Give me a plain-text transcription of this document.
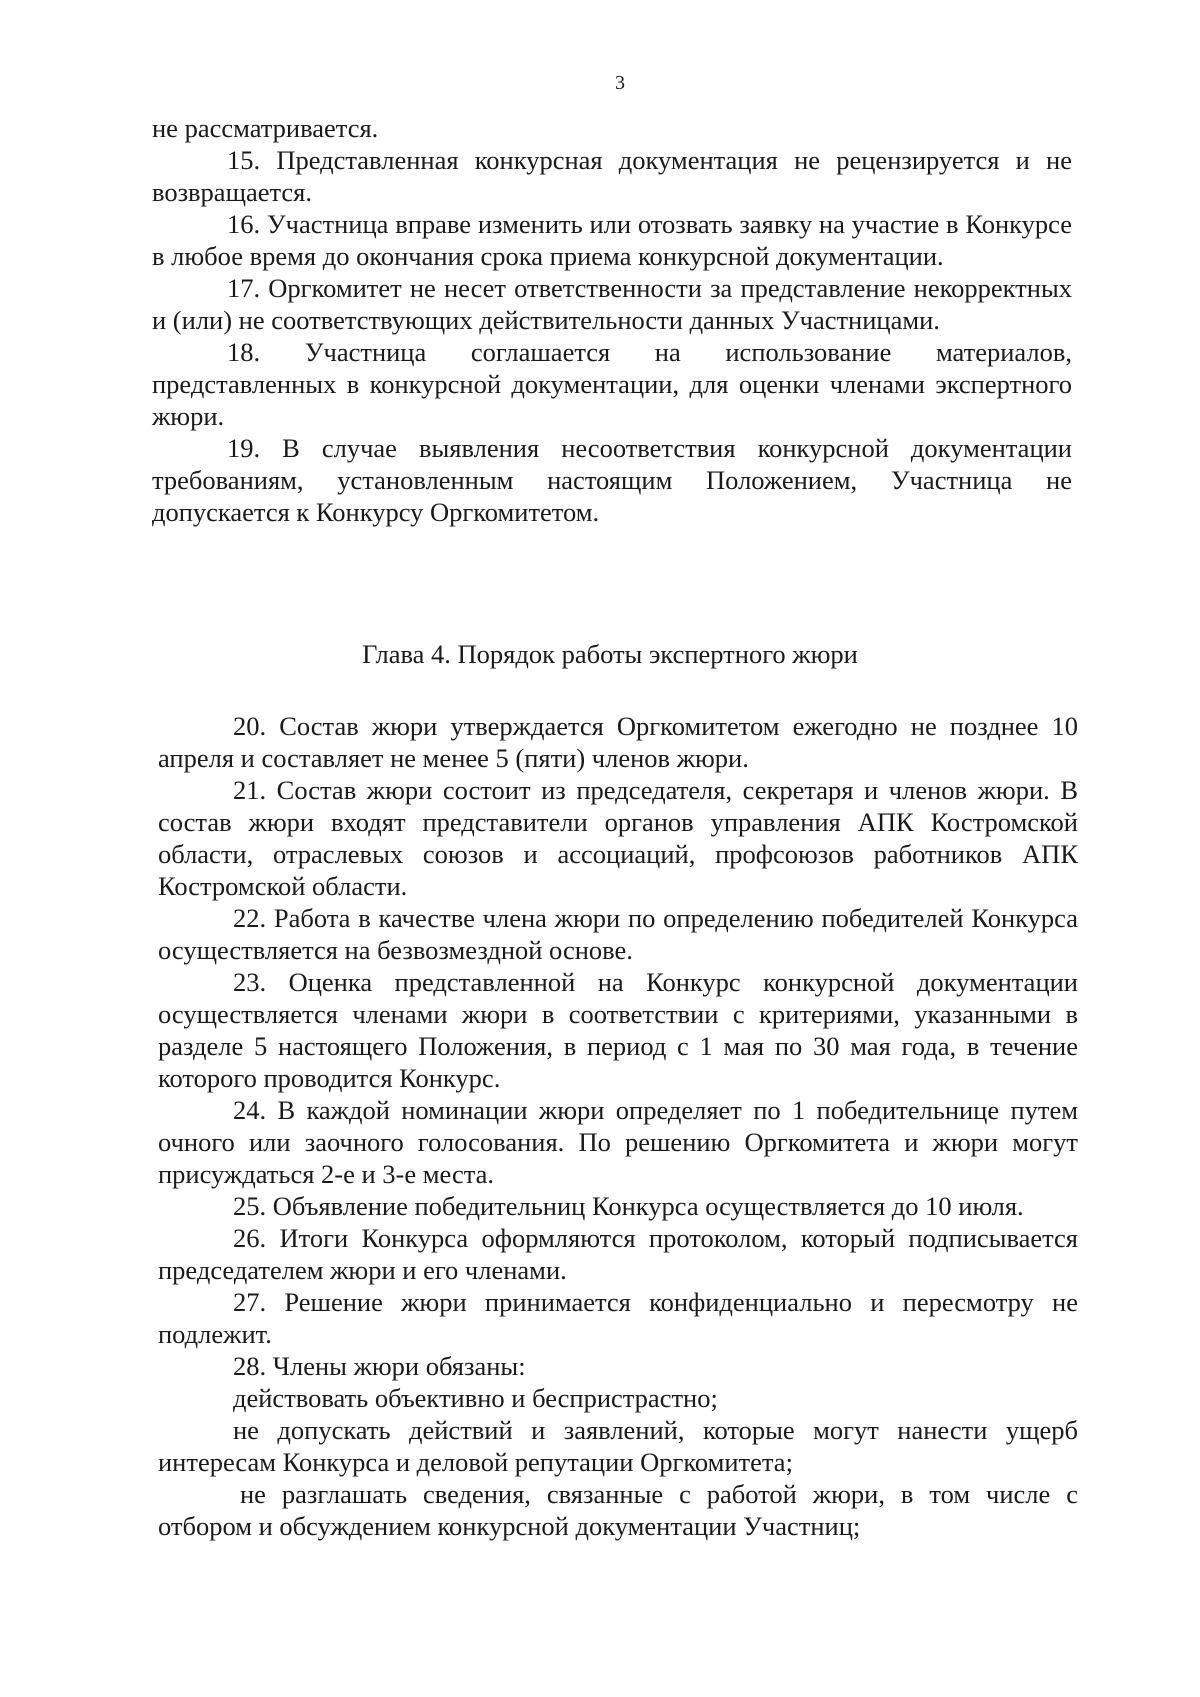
3

не рассматривается.

15. Представленная конкурсная документация не рецензируется и не возвращается.

16. Участница вправе изменить или отозвать заявку на участие в Конкурсе в любое время до окончания срока приема конкурсной документации.

17. Оргкомитет не несет ответственности за представление некорректных и (или) не соответствующих действительности данных Участницами.

18. Участница соглашается на использование материалов, представленных в конкурсной документации, для оценки членами экспертного жюри.

19. В случае выявления несоответствия конкурсной документации требованиям, установленным настоящим Положением, Участница не допускается к Конкурсу Оргкомитетом.

Глава 4. Порядок работы экспертного жюри

20. Состав жюри утверждается Оргкомитетом ежегодно не позднее 10 апреля и составляет не менее 5 (пяти) членов жюри.

21. Состав жюри состоит из председателя, секретаря и членов жюри. В состав жюри входят представители органов управления АПК Костромской области, отраслевых союзов и ассоциаций, профсоюзов работников АПК Костромской области.

22. Работа в качестве члена жюри по определению победителей Конкурса осуществляется на безвозмездной основе.

23. Оценка представленной на Конкурс конкурсной документации осуществляется членами жюри в соответствии с критериями, указанными в разделе 5 настоящего Положения, в период с 1 мая по 30 мая года, в течение которого проводится Конкурс.

24. В каждой номинации жюри определяет по 1 победительнице путем очного или заочного голосования. По решению Оргкомитета и жюри могут присуждаться 2-е и 3-е места.

25. Объявление победительниц Конкурса осуществляется до 10 июля.

26. Итоги Конкурса оформляются протоколом, который подписывается председателем жюри и его членами.

27. Решение жюри принимается конфиденциально и пересмотру не подлежит.

28. Члены жюри обязаны:

действовать объективно и беспристрастно;

не допускать действий и заявлений, которые могут нанести ущерб интересам Конкурса и деловой репутации Оргкомитета;

не разглашать сведения, связанные с работой жюри, в том числе с отбором и обсуждением конкурсной документации Участниц;
